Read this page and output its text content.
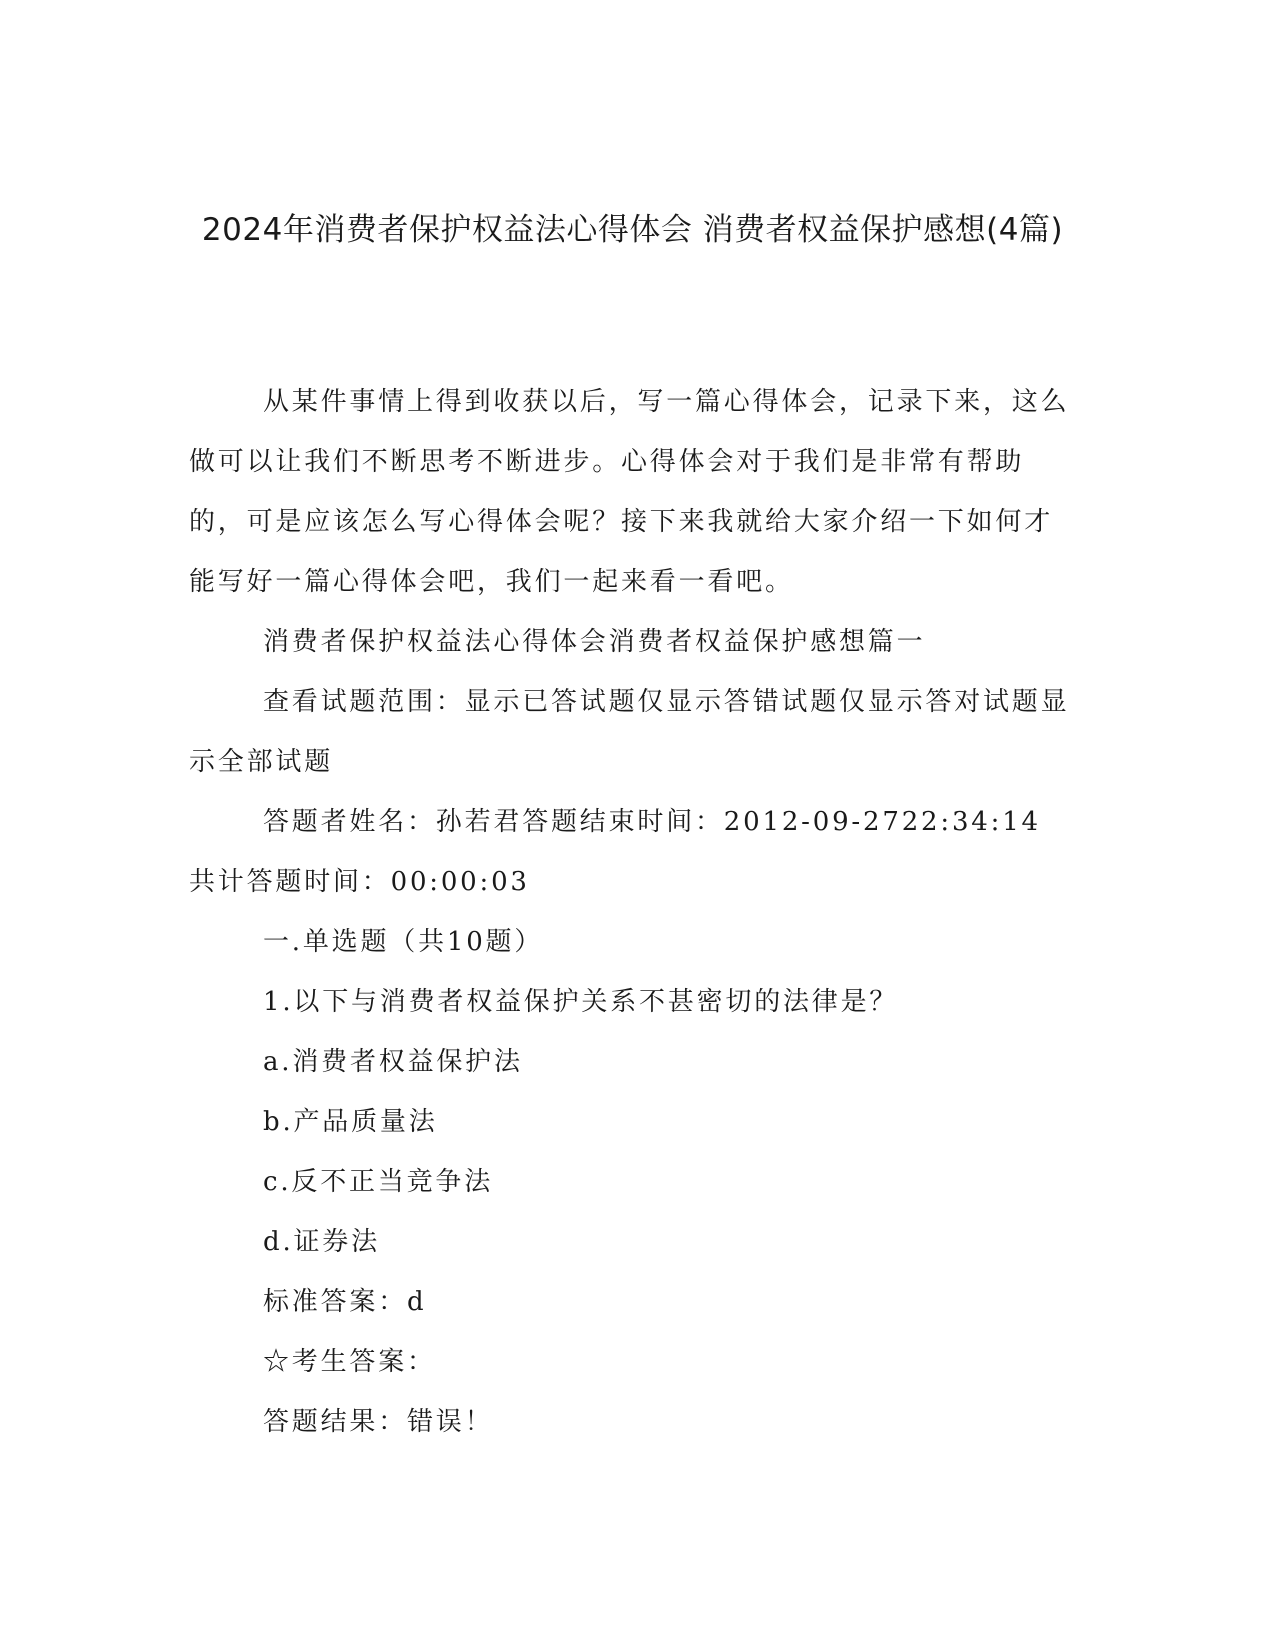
2024年消费者保护权益法心得体会 消费者权益保护感想(4篇)

从某件事情上得到收获以后，写一篇心得体会，记录下来，这么做可以让我们不断思考不断进步。心得体会对于我们是非常有帮助的，可是应该怎么写心得体会呢？接下来我就给大家介绍一下如何才能写好一篇心得体会吧，我们一起来看一看吧。

消费者保护权益法心得体会消费者权益保护感想篇一

查看试题范围：显示已答试题仅显示答错试题仅显示答对试题显示全部试题

答题者姓名：孙若君答题结束时间：2012-09-2722:34:14 共计答题时间：00:00:03

一.单选题（共10题）

1.以下与消费者权益保护关系不甚密切的法律是？

a.消费者权益保护法

b.产品质量法

c.反不正当竞争法

d.证券法

标准答案：d

☆考生答案：

答题结果：错误！
